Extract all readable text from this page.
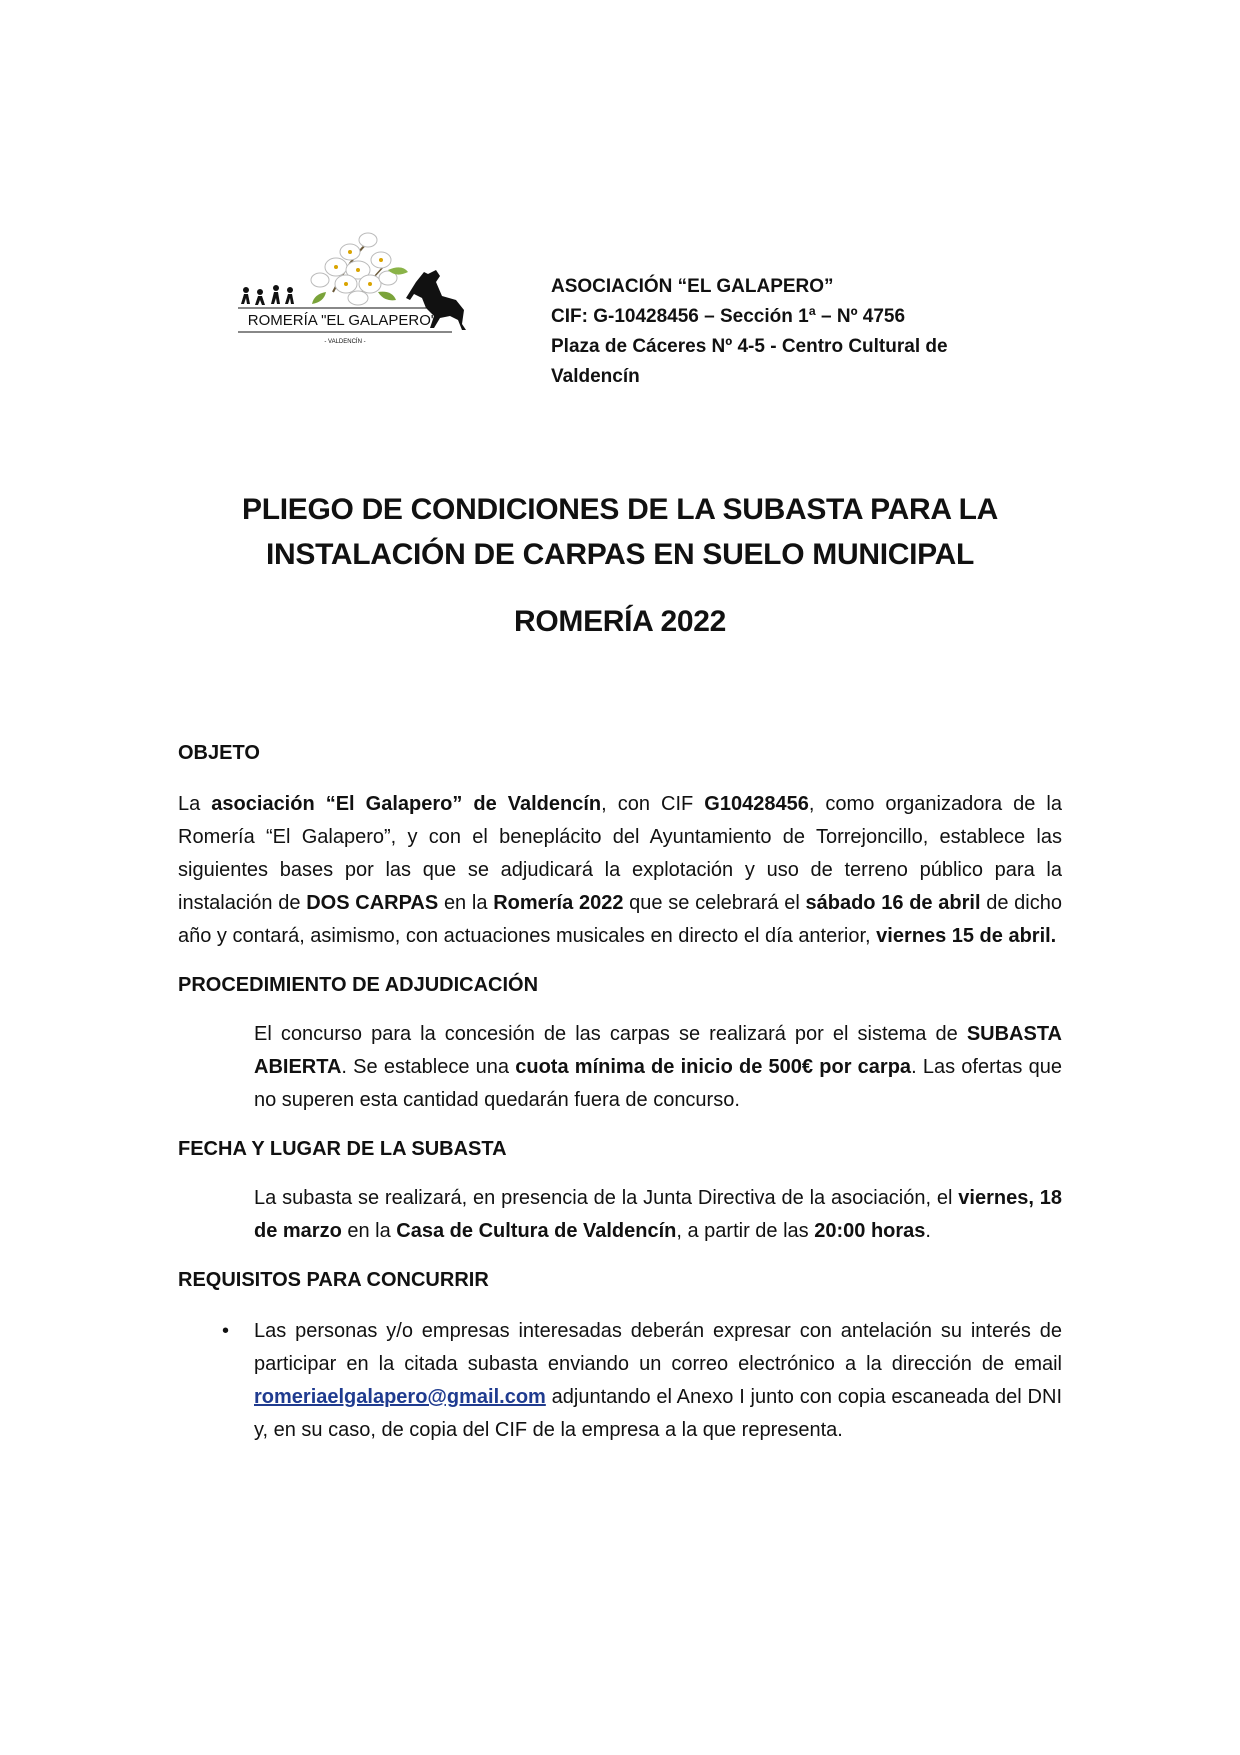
ROMERÍA "EL GALAPERO"
- VALDENCÍN -
ASOCIACIÓN “EL GALAPERO”
CIF: G-10428456 – Sección 1ª – Nº 4756
Plaza de Cáceres Nº 4-5 - Centro Cultural de
Valdencín
PLIEGO DE CONDICIONES DE LA SUBASTA PARA LA
INSTALACIÓN DE CARPAS EN SUELO MUNICIPAL
ROMERÍA 2022
OBJETO

La asociación “El Galapero” de Valdencín, con CIF G10428456, como organizadora de la Romería “El Galapero”, y con el beneplácito del Ayuntamiento de Torrejoncillo, establece las siguientes bases por las que se adjudicará la explotación y uso de terreno público para la instalación de DOS CARPAS en la Romería 2022 que se celebrará el sábado 16 de abril de dicho año y contará, asimismo, con actuaciones musicales en directo el día anterior, viernes 15 de abril.

PROCEDIMIENTO DE ADJUDICACIÓN

El concurso para la concesión de las carpas se realizará por el sistema de SUBASTA ABIERTA. Se establece una cuota mínima de inicio de 500€ por carpa. Las ofertas que no superen esta cantidad quedarán fuera de concurso.

FECHA Y LUGAR DE LA SUBASTA

La subasta se realizará, en presencia de la Junta Directiva de la asociación, el viernes, 18 de marzo en la Casa de Cultura de Valdencín, a partir de las 20:00 horas.

REQUISITOS PARA CONCURRIR
• Las personas y/o empresas interesadas deberán expresar con antelación su interés de participar en la citada subasta enviando un correo electrónico a la dirección de email romeriaelgalapero@gmail.com adjuntando el Anexo I junto con copia escaneada del DNI y, en su caso, de copia del CIF de la empresa a la que representa.
